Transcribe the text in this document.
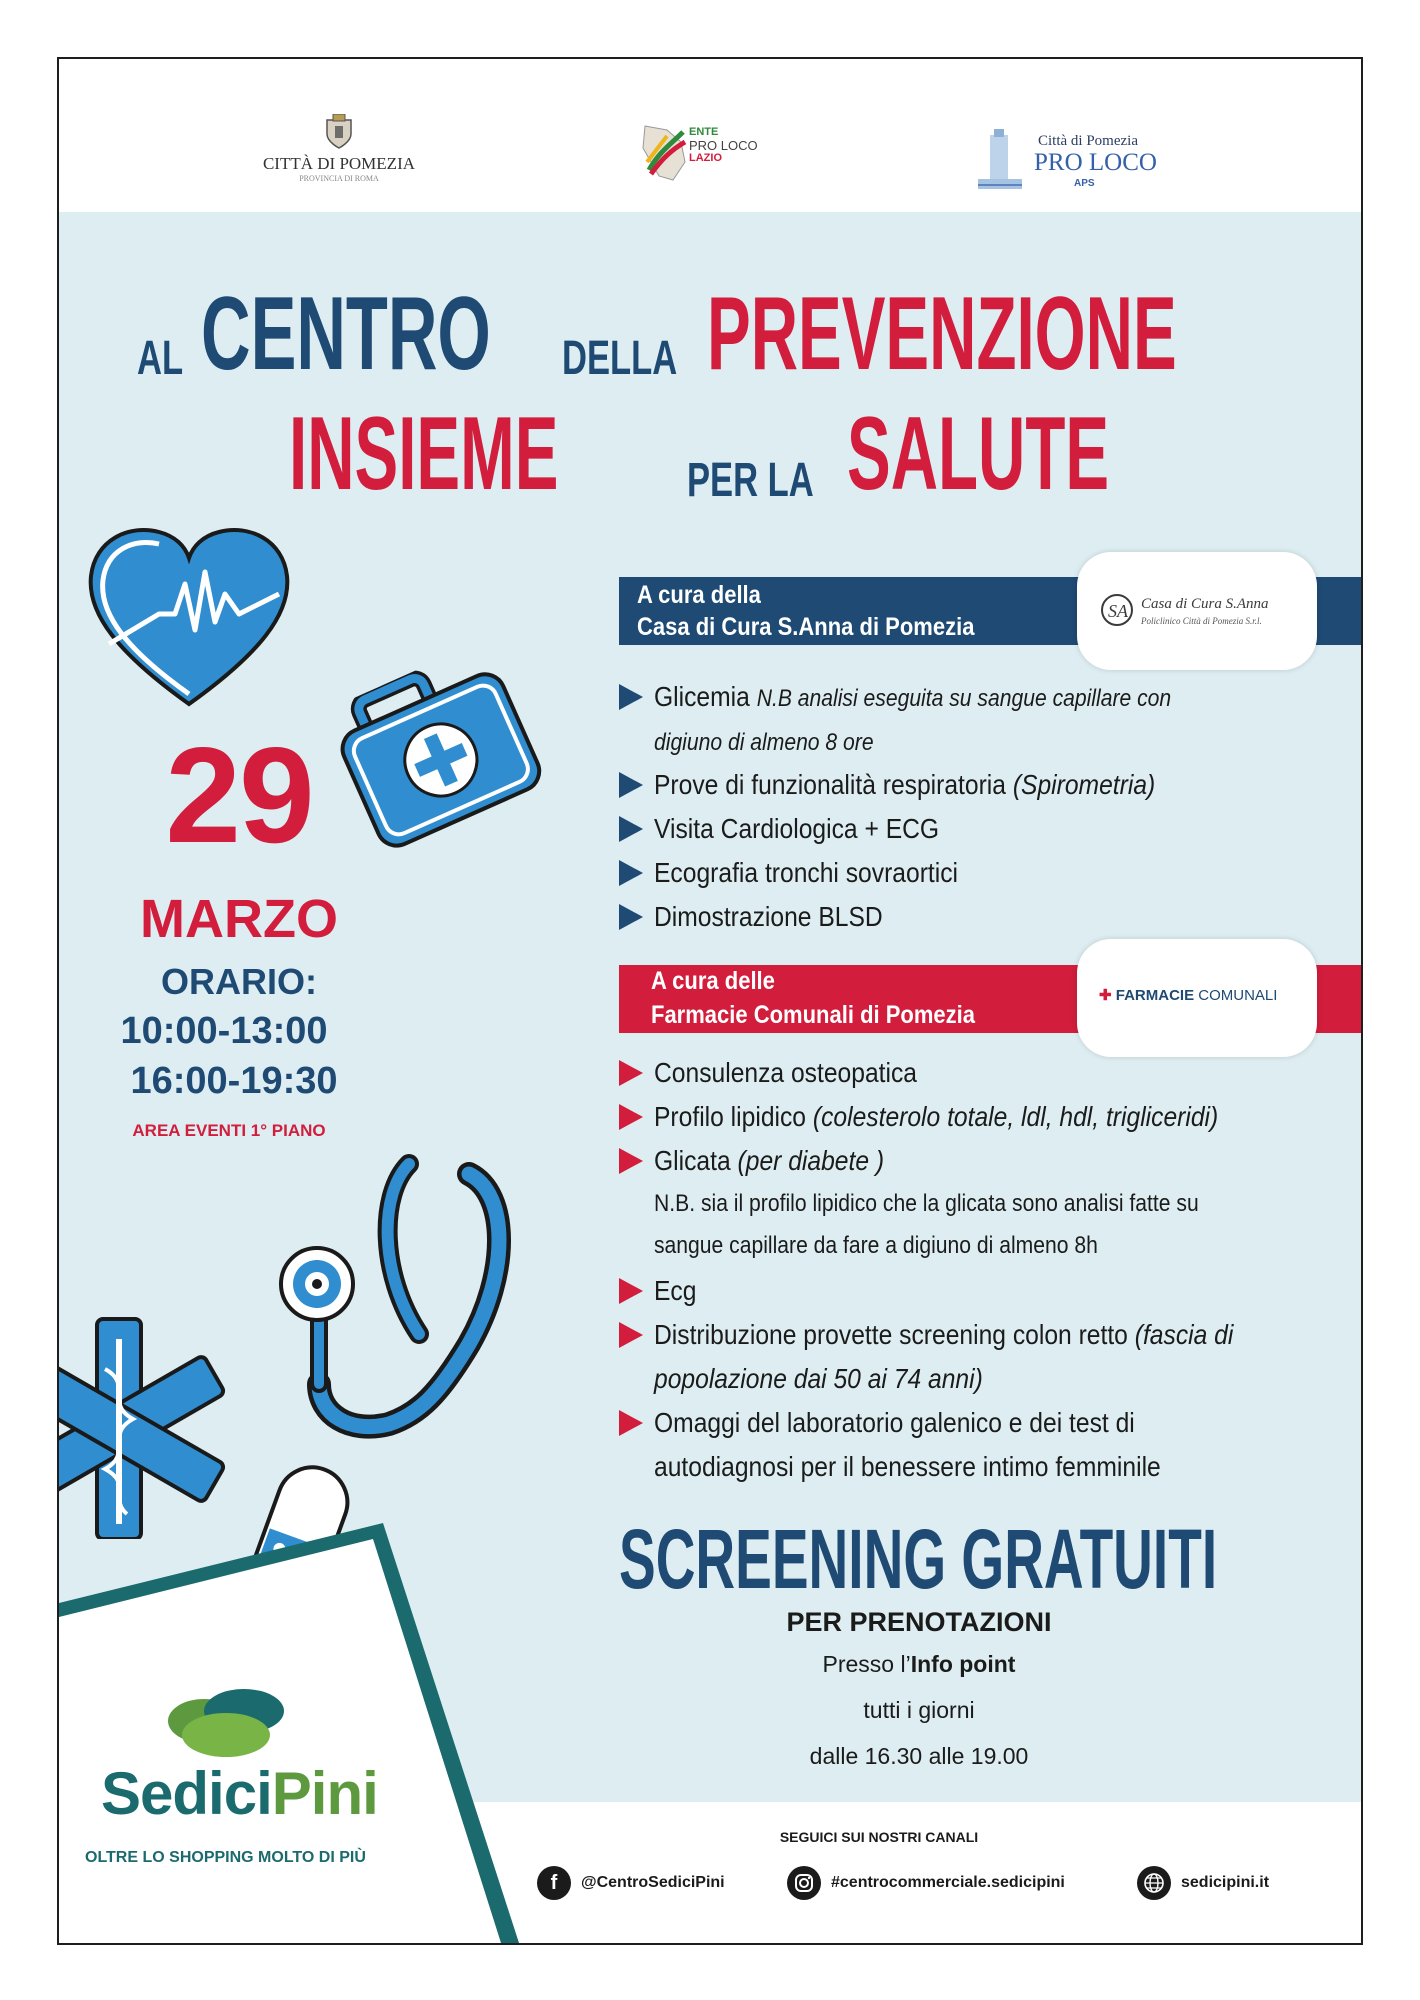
CITTÀ DI POMEZIA
PROVINCIA DI ROMA
ENTE
PRO LOCO
LAZIO
Città di Pomezia
PRO LOCO
APS
AL CENTRO DELLA PREVENZIONE
INSIEME	PER LA SALUTE
29
MARZO
ORARIO:
10:00-13:00
16:00-19:30
AREA EVENTI 1° PIANO
A cura della
Casa di Cura S.Anna di Pomezia
SA Casa di Cura S.Anna
Policlinico Città di Pomezia S.r.l.
Glicemia N.B analisi eseguita su sangue capillare con
digiuno di almeno 8 ore
Prove di funzionalità respiratoria (Spirometria)
Visita Cardiologica + ECG
Ecografia tronchi sovraortici
Dimostrazione BLSD
A cura delle
Farmacie Comunali di Pomezia
✚ FARMACIE COMUNALI
Consulenza osteopatica
Profilo lipidico (colesterolo totale, ldl, hdl, trigliceridi)
Glicata (per diabete )
N.B. sia il profilo lipidico che la glicata sono analisi fatte su
sangue capillare da fare a digiuno di almeno 8h
Ecg
Distribuzione provette screening colon retto (fascia di
popolazione dai 50 ai 74 anni)
Omaggi del laboratorio galenico e dei test di
autodiagnosi per il benessere intimo femminile
SCREENING GRATUITI
PER PRENOTAZIONI
Presso l’Info point
tutti i giorni
dalle 16.30 alle 19.00
SediciPini
OLTRE LO SHOPPING MOLTO DI PIÙ
SEGUICI SUI NOSTRI CANALI
f	@CentroSediciPini	#centrocommerciale.sedicipini	sedicipini.it
